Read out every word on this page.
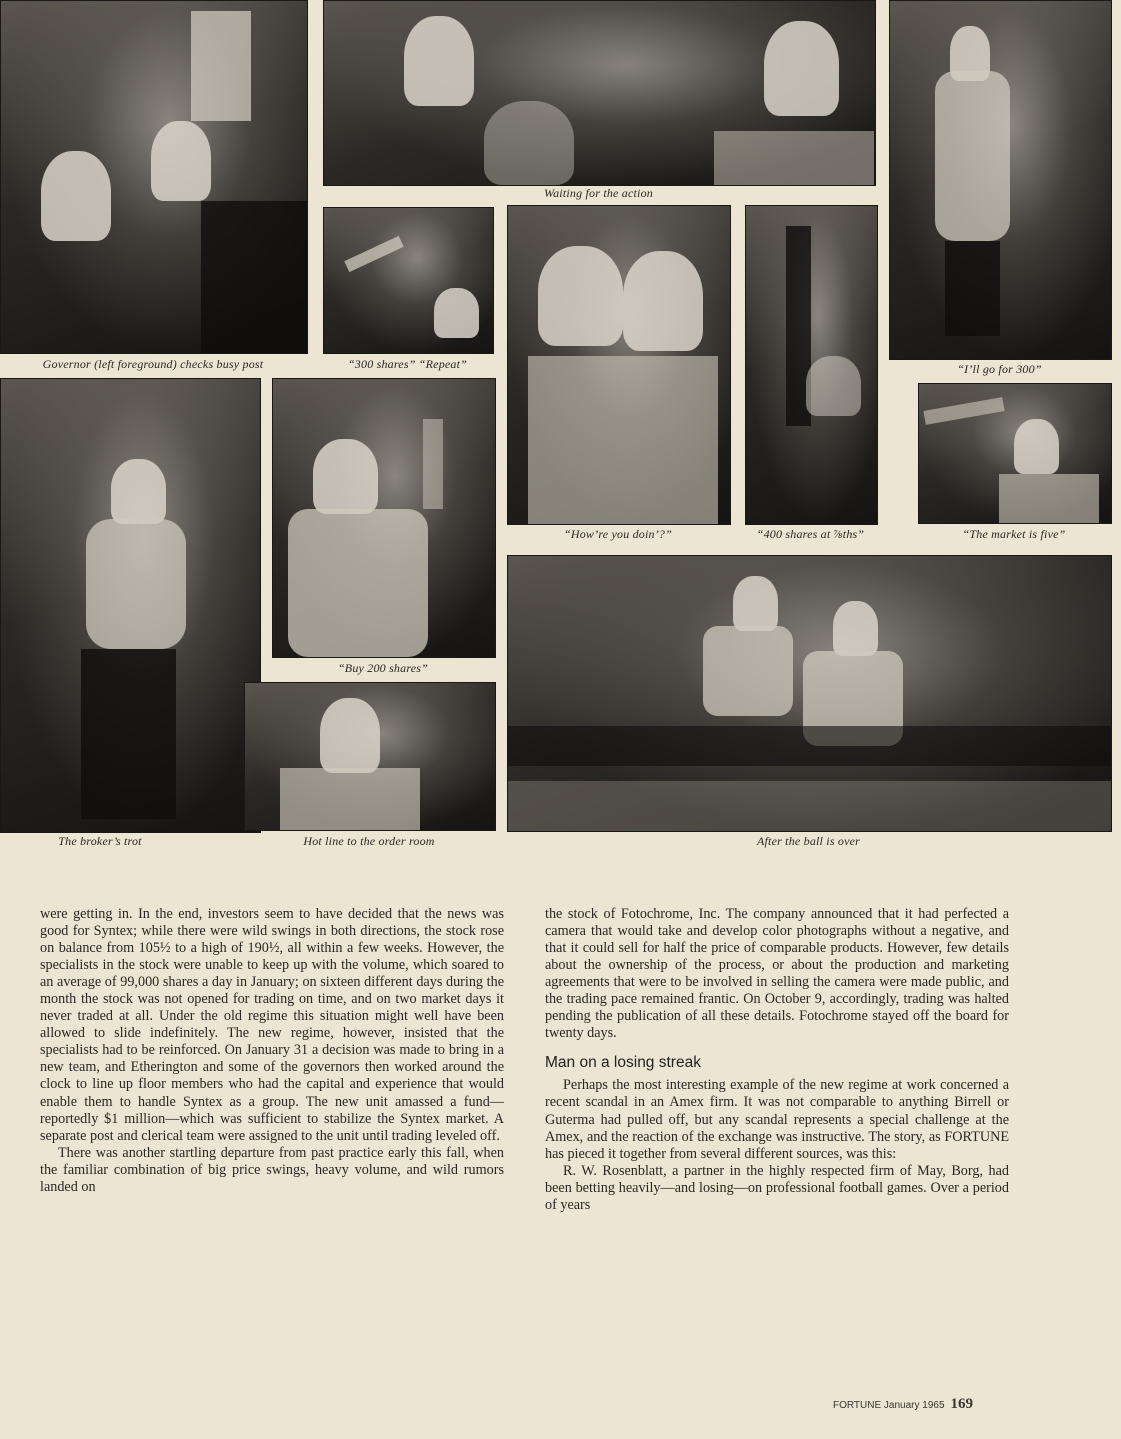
Waiting for the action
Governor (left foreground) checks busy post	“300 shares” “Repeat”	“I’ll go for 300”
“How’re you doin’?”	“400 shares at ⅞ths”	“The market is five”
“Buy 200 shares”
The broker’s trot	Hot line to the order room	After the ball is over

were getting in. In the end, investors seem to have decided that the news was good for Syntex; while there were wild swings in both directions, the stock rose on balance from 105½ to a high of 190½, all within a few weeks. However, the specialists in the stock were unable to keep up with the volume, which soared to an average of 99,000 shares a day in January; on sixteen different days during the month the stock was not opened for trading on time, and on two market days it never traded at all. Under the old regime this situation might well have been allowed to slide indefinitely. The new regime, however, insisted that the specialists had to be reinforced. On January 31 a decision was made to bring in a new team, and Etherington and some of the governors then worked around the clock to line up floor members who had the capital and experience that would enable them to handle Syntex as a group. The new unit amassed a fund—reportedly $1 million—which was sufficient to stabilize the Syntex market. A separate post and clerical team were assigned to the unit until trading leveled off.

There was another startling departure from past practice early this fall, when the familiar combination of big price swings, heavy volume, and wild rumors landed on

the stock of Fotochrome, Inc. The company announced that it had perfected a camera that would take and develop color photographs without a negative, and that it could sell for half the price of comparable products. However, few details about the ownership of the process, or about the production and marketing agreements that were to be involved in selling the camera were made public, and the trading pace remained frantic. On October 9, accordingly, trading was halted pending the publication of all these details. Fotochrome stayed off the board for twenty days.

Man on a losing streak

Perhaps the most interesting example of the new regime at work concerned a recent scandal in an Amex firm. It was not comparable to anything Birrell or Guterma had pulled off, but any scandal represents a special challenge at the Amex, and the reaction of the exchange was instructive. The story, as FORTUNE has pieced it together from several different sources, was this:

R. W. Rosenblatt, a partner in the highly respected firm of May, Borg, had been betting heavily—and losing—on professional football games. Over a period of years

FORTUNE January 1965 169
